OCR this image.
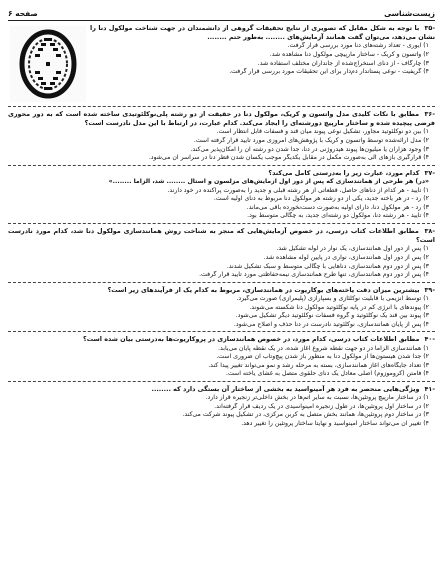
زیست‌شناسی
صفحه ۶
-۳۵ با توجه به شکل مقابل که تصویری از نتایج تحقیقات گروهی از دانشمندان در جهت شناخت مولکول دنا را نشان می‌دهد، می‌توان گفت همانند آزمایش‌های ........ به‌طور حتم ........
۱) ایوری - تعداد رشته‌های دنا مورد بررسی قرار گرفت.
۲) واتسون و کریک - ساختار مارپیچی مولکول دنا مشاهده شد.
۳) چارگاف - از دنای استخراج‌شده از جانداران مختلف استفاده شد.
۴) گریفیت - نوعی پستاندار دم‌دار برای این تحقیقات مورد بررسی قرار گرفت.
-۳۶ مطابق با نکات کلیدی مدل واتسون و کریک، مولکول دنا در حقیقت از دو رشته پلی‌نوکلئوتیدی ساخته شده است که به دور محوری فرضی پیچیده شده و ساختار مارپیچ دورشته‌ای را ایجاد می‌کند. کدام عبارت، در ارتباط با این مدل نادرست است؟
۱) بین دو نوکلئوتید مجاور، تشکیل نوعی پیوند میان قند و فسفات قابل انتظار است.
۲) مدل ارائه‌شده توسط واتسون و کریک با پژوهش‌های امروزی مورد تأیید قرار گرفته است.
۳) وجود هزاران یا میلیون‌ها پیوند هیدروژنی در دنا، جدا شدن دو رشته آن را امکان‌پذیر می‌کند.
۴) قرارگیری بازهای آلی به‌صورت مکمل در مقابل یکدیگر موجب یکسان شدن قطر دنا در سراسر آن می‌شود.
-۳۷ کدام مورد، عبارت زیر را به‌درستی کامل می‌کند؟
«در) هر طرحی از همانندسازی که پس از دور اول آزمایش‌های مزلسون و استال ........ شد، الزاماً ........»
۱) تأیید - هر کدام از دناهای حاصل، قطعاتی از هر رشته قبلی و جدید را به‌صورت پراکنده در خود دارند.
۲) رد - در هر یاخته جدید، یکی از دو رشته هر مولکول دنا مربوط به دنای اولیه است.
۳) رد - هر مولکول دنا، دارای اولیه به‌صورت دست‌نخورده باقی می‌ماند.
۴) تأیید - هر رشته دنا، مولکول دو رشته‌ای جدید، به چگالی متوسط بود.
-۳۸ مطابق اطلاعات کتاب درسی، در خصوص آزمایش‌هایی که منجر به شناخت روش همانندسازی مولکول دنا شد، کدام مورد نادرست است؟
۱) پس از دور اول همانندسازی، یک نوار در لوله تشکیل شد.
۲) پس از دور اول همانندسازی، نواری در پایین لوله مشاهده شد.
۳) پس از دور دوم همانندسازی، دناهایی با چگالی متوسط و سبک تشکیل شدند.
۴) پس از دور دوم همانندسازی، تنها طرح همانندسازی نیمه‌حفاظتی مورد تأیید قرار گرفت.
-۳۹ بیشترین میزان دقت یاخته‌های یوکاریوت در همانندسازی، مربوط به کدام یک از فرآیندهای زیر است؟
۱) توسط آنزیمی با قابلیت نوکلئازی و بسپارازی (پلیمرازی) صورت می‌گیرد.
۲) پیوندهای با انرژی کم در پایه نوکلئوتید مولکول دنا شکسته می‌شوند.
۳) پیوند بین قند یک نوکلئوتید و گروه فسفات نوکلئوتید دیگر تشکیل می‌شود.
۴) پس از پایان همانندسازی، نوکلئوتید نادرست در دنا حذف و اصلاح می‌شود.
-۴۰ مطابق اطلاعات کتاب درسی، کدام مورد، در خصوص همانندسازی در پروکاریوت‌ها به‌درستی بیان شده است؟
۱) همانندسازی الزاماً در دو جهت نقطه شروع آغاز شده، در یک نقطه پایان می‌یابد.
۲) جدا شدن هیستون‌ها از مولکول دنا به منظور باز شدن پیچ‌وتاب آن ضروری است.
۳) تعداد جایگاه‌های آغاز همانندسازی، بسته به مرحله رشد و نمو می‌تواند تغییر پیدا کند.
۴) فامتن (کروموزوم) اصلی معادل یک دنای حلقوی متصل به غشای یاخته است.
-۴۱ ویژگی‌هایی منحصر به فرد هر آمینواسید به بخشی از ساختار آن بستگی دارد که ........
۱) در ساختار مارپیچ پروتئین‌ها، نسبت به سایر اتم‌ها در بخش داخلی‌تر زنجیره قرار دارد.
۲) در ساختار اول پروتئین‌ها، در طول زنجیره آمینواسیدی در یک ردیف قرار گرفته‌اند.
۳) در ساختار دوم پروتئین‌ها، همانند بخش متصل به کربن مرکزی، در تشکیل پیوند شرکت می‌کند.
۴) تغییر آن می‌تواند ساختار آمینواسید و نهایتاً ساختار پروتئین را تغییر دهد.
